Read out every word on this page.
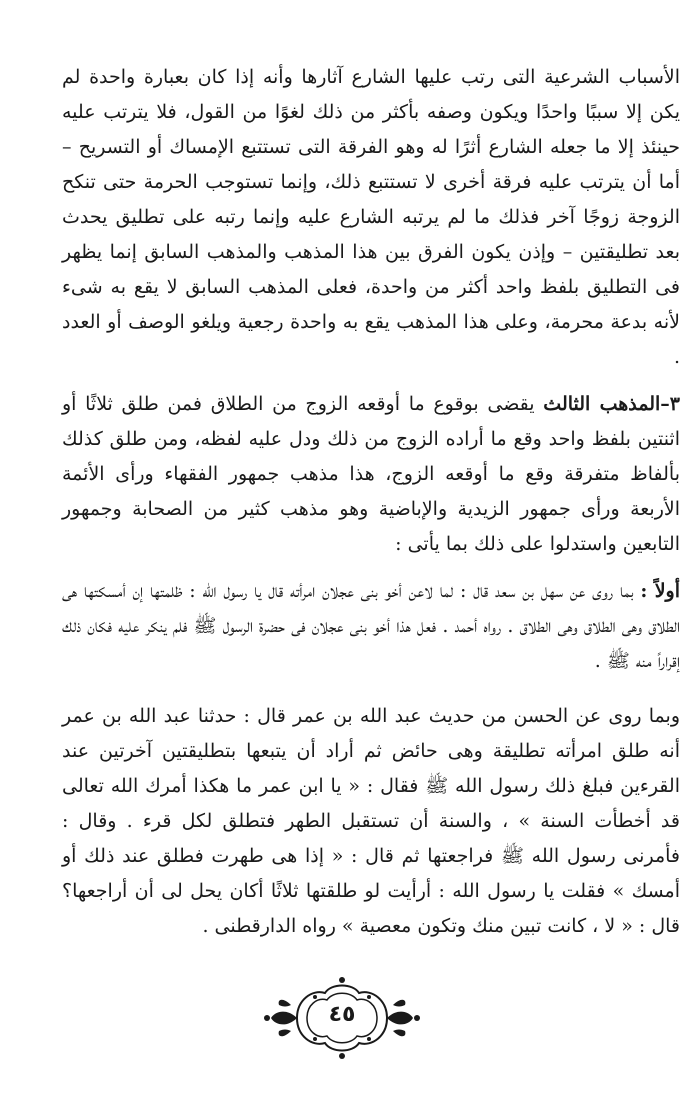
الأسباب الشرعية التى رتب عليها الشارع آثارها وأنه إذا كان بعبارة واحدة لم يكن إلا سببًا واحدًا ويكون وصفه بأكثر من ذلك لغوًا من القول، فلا يترتب عليه حينئذ إلا ما جعله الشارع أثرًا له وهو الفرقة التى تستتبع الإمساك أو التسريح – أما أن يترتب عليه فرقة أخرى لا تستتبع ذلك، وإنما تستوجب الحرمة حتى تنكح الزوجة زوجًا آخر فذلك ما لم يرتبه الشارع عليه وإنما رتبه على تطليق يحدث بعد تطليقتين – وإذن يكون الفرق بين هذا المذهب والمذهب السابق إنما يظهر فى التطليق بلفظ واحد أكثر من واحدة، فعلى المذهب السابق لا يقع به شىء لأنه بدعة محرمة، وعلى هذا المذهب يقع به واحدة رجعية ويلغو الوصف أو العدد .

٣–المذهب الثالث يقضى بوقوع ما أوقعه الزوج من الطلاق فمن طلق ثلاثًا أو اثنتين بلفظ واحد وقع ما أراده الزوج من ذلك ودل عليه لفظه، ومن طلق كذلك بألفاظ متفرقة وقع ما أوقعه الزوج، هذا مذهب جمهور الفقهاء ورأى الأئمة الأربعة ورأى جمهور الزيدية والإباضية وهو مذهب كثير من الصحابة وجمهور التابعين واستدلوا على ذلك بما يأتى :

أولاً : بما روى عن سهل بن سعد قال : لما لاعن أخو بنى عجلان امرأته قال يا رسول الله : ظلمتها إن أمسكتها هى الطلاق وهى الطلاق وهى الطلاق . رواه أحمد . فعل هذا أخو بنى عجلان فى حضرة الرسول ﷺ فلم ينكر عليه فكان ذلك إقراراً منه ﷺ .

وبما روى عن الحسن من حديث عبد الله بن عمر قال : حدثنا عبد الله بن عمر أنه طلق امرأته تطليقة وهى حائض ثم أراد أن يتبعها بتطليقتين آخرتين عند القرءين فبلغ ذلك رسول الله ﷺ فقال : « يا ابن عمر ما هكذا أمرك الله تعالى قد أخطأت السنة » ، والسنة أن تستقبل الطهر فتطلق لكل قرء . وقال : فأمرنى رسول الله ﷺ فراجعتها ثم قال : « إذا هى طهرت فطلق عند ذلك أو أمسك » فقلت يا رسول الله : أرأيت لو طلقتها ثلاثًا أكان يحل لى أن أراجعها؟ قال : « لا ، كانت تبين منك وتكون معصية » رواه الدارقطنى .

٤٥
